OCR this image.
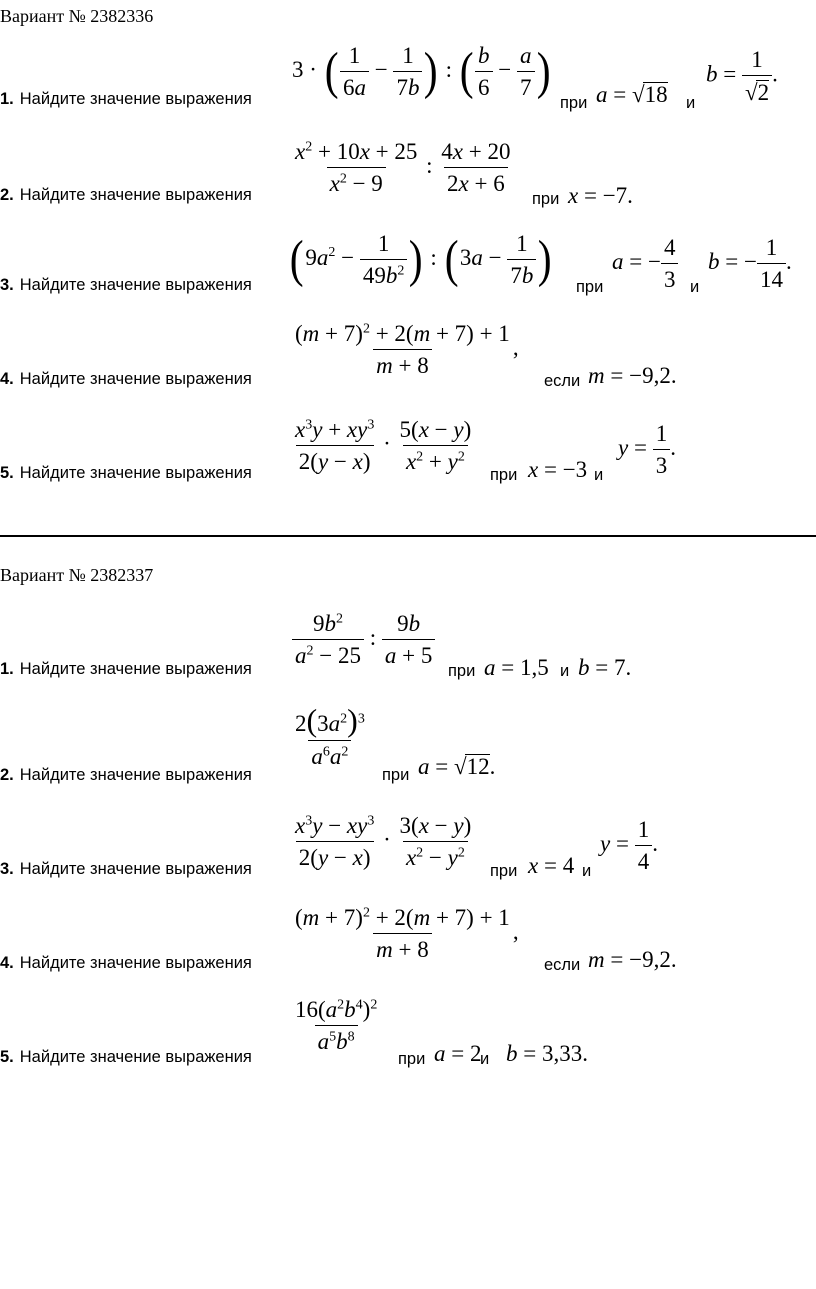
Вариант № 2382336
1. Найдите значение выражения
3 · ( $\frac{1}{6a} - \frac{1}{7b}$ ) : ( $\frac{b}{6} - \frac{a}{7}$ )
при a = √18 и
$b = \frac{1}{√2}$ .
2. Найдите значение выражения $\frac{x^2 + 10x + 25}{x^2 - 9}$ : $\frac{4x + 20}{2x + 6}$
при x = −7.
3. Найдите значение выражения ($9a^2 - \frac{1}{49b^2}$ ) : ($3a - \frac{1}{7b}$ ) при
a = − $\frac{4}{3}$ и
b = − $\frac{1}{14}$ .
4. Найдите значение выражения
$\frac{(m + 7)^2 + 2(m + 7) + 1}{m + 8}$ ,
если m = −9,2.
5. Найдите значение выражения $\frac{x^3y + xy^3}{2(y - x)} \cdot \frac{5(x - y)}{x^2 + y^2}$
при x = −3 и
$y = \frac{1}{3}$ .
Вариант № 2382337
1. Найдите значение выражения
$\frac{9b^2}{a^2 - 25}$ : $\frac{9b}{a + 5}$
при a = 1,5 и b = 7.
2. Найдите значение выражения
$\frac{2(3a^2)^3}{a^6a^2}$
при a = √12.
3. Найдите значение выражения $\frac{x^3y - xy^3}{2(y - x)} \cdot \frac{3(x - y)}{x^2 - y^2}$
при x = 4 и
$y = \frac{1}{4}$ .
4. Найдите значение выражения
$\frac{(m + 7)^2 + 2(m + 7) + 1}{m + 8}$ ,
если m = −9,2.
5. Найдите значение выражения
$\frac{16(a^2b^4)^2}{a^5b^8}$
при a = 2
и b = 3,33.
